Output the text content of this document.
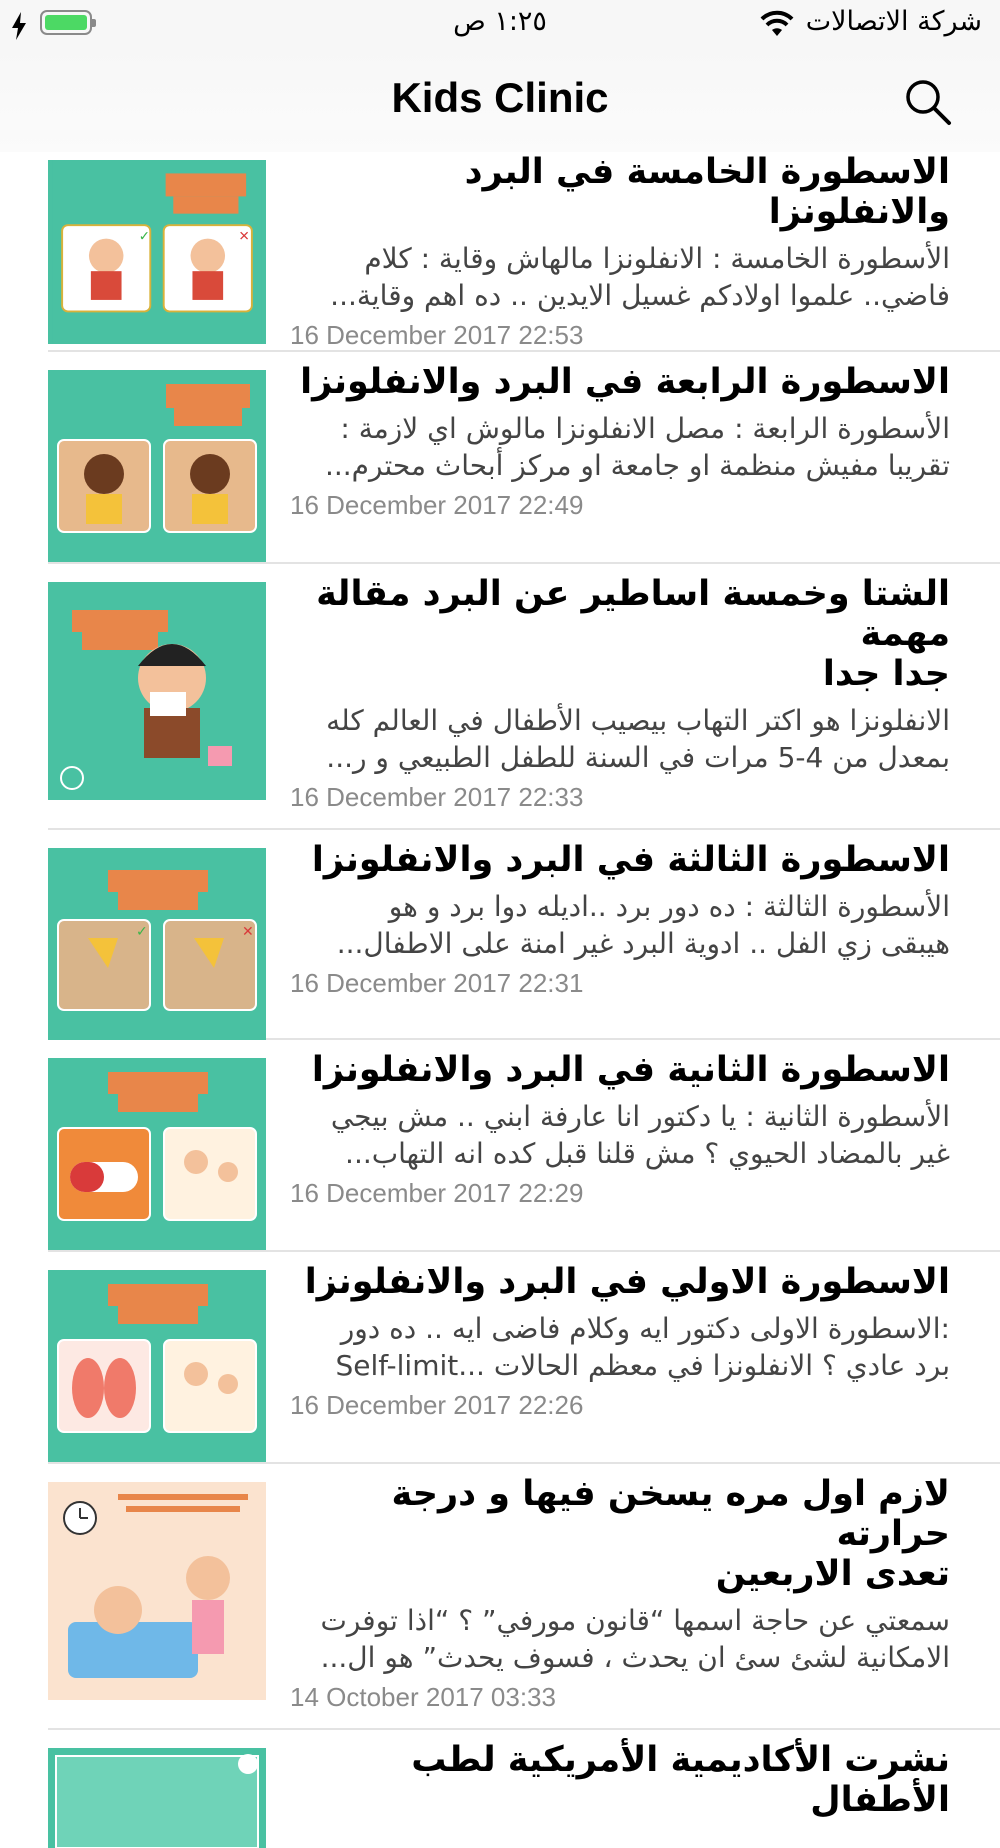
شركة الاتصالات
١:٢٥ ص
Kids Clinic
✓	✕

الاسطورة الخامسة في البرد والانفلونزا

الأسطورة الخامسة : الانفلونزا مالهاش وقاية : كلام
فاضي.. علموا اولادكم غسيل الايدين .. ده اهم وقاية...

16 December 2017 22:53

الاسطورة الرابعة في البرد والانفلونزا

الأسطورة الرابعة : مصل الانفلونزا مالوش اي لازمة :
تقريبا مفيش منظمة او جامعة او مركز أبحاث محترم...

16 December 2017 22:49

الشتا وخمسة اساطير عن البرد مقالة مهمة
جدا جدا

الانفلونزا هو اكتر التهاب بيصيب الأطفال في العالم كله
بمعدل من 4-5 مرات في السنة للطفل الطبيعي و ر...

16 December 2017 22:33
✓	✕

الاسطورة الثالثة في البرد والانفلونزا

الأسطورة الثالثة : ده دور برد ..اديله دوا برد و هو
هيبقى زي الفل .. ادوية البرد غير امنة على الاطفال...

16 December 2017 22:31

الاسطورة الثانية في البرد والانفلونزا

الأسطورة الثانية : يا دكتور انا عارفة ابني .. مش بيجي
غير بالمضاد الحيوي ؟ مش قلنا قبل كده انه التهاب...

16 December 2017 22:29

الاسطورة الاولي في البرد والانفلونزا

:الاسطورة الاولى دكتور ايه وكلام فاضى ايه .. ده دور
برد عادي ؟ الانفلونزا في معظم الحالات ...Self-limit

16 December 2017 22:26

لازم اول مره يسخن فيها و درجة حرارته
تعدى الاربعين

سمعتي عن حاجة اسمها “قانون مورفي” ؟ “اذا توفرت
الامكانية لشئ سئ ان يحدث ، فسوف يحدث” هو ال...

14 October 2017 03:33

نشرت الأكاديمية الأمريكية لطب الأطفال
